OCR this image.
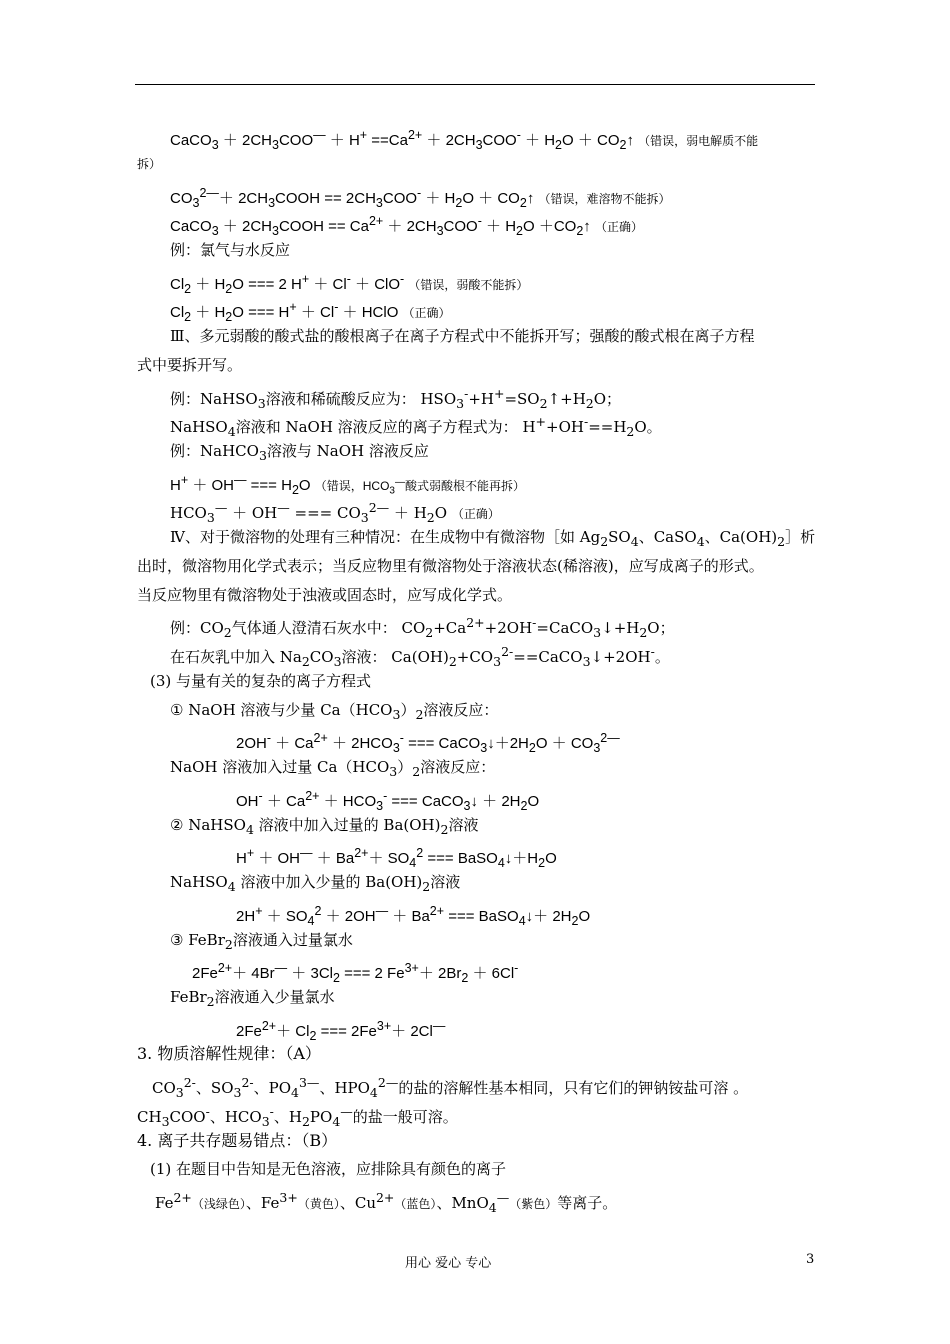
CaCO$_3$ ＋ $2CH_3COO^— + H^+ ==Ca^{2+} + 2CH_3COO^- + H_2O$ ＋ $CO_2↑$ （错误，弱电解质不能
拆）
$CO_3^{2—}+$ $2CH_3COOH == 2CH_3COO^- + H_2O$ ＋ $CO_2↑$ （错误，难溶物不能拆）
CaCO$_3$ ＋ $2CH_3COOH == Ca^{2+} + 2CH_3COO^- + H_2O$ $+CO_2↑$ （正确）
例：氯气与水反应
$Cl_2 + H_2O$ === 2 H+ ＋ Cl- ＋ ClO- （错误，弱酸不能拆）
$Cl_2 + H_2O$ === H+ ＋ Cl- ＋ HClO （正确）
Ⅲ、多元弱酸的酸式盐的酸根离子在离子方程式中不能拆开写；强酸的酸式根在离子方程
式中要拆开写。
例：NaHSO$_3$溶液和稀硫酸反应为： $HSO_3^-+H^+=SO_2↑+H_2O$；
NaHSO$_4$溶液和 NaOH 溶液反应的离子方程式为： $H^++OH^-==H_2O$。
例：NaHCO$_3$溶液与 NaOH 溶液反应
H+ ＋ OH— === $H_2O$ （错误，$HCO_3^—$酸式弱酸根不能再拆）
$HCO_3^— + OH^—$ === $CO_3^{2—} + H_2O$ （正确）
Ⅳ、对于微溶物的处理有三种情况：在生成物中有微溶物［如 $Ag_2SO_4$、CaSO$_4$、$Ca(OH)_2]$析
出时，微溶物用化学式表示；当反应物里有微溶物处于溶液状态(稀溶液)，应写成离子的形式。
当反应物里有微溶物处于浊液或固态时，应写成化学式。
例：$CO_2$气体通人澄清石灰水中： $CO_2+Ca^{2+}+2OH^-=CaCO_3↓+H_2O$；
在石灰乳中加入 $Na_2CO_3$溶液： $Ca(OH)_2+CO_3^{2-}==CaCO_3↓+2OH^-$。
(3) 与量有关的复杂的离子方程式
① NaOH 溶液与少量 $Ca(HCO_3)_2$溶液反应：
$2OH^- + Ca^{2+} + 2HCO_3^-$ === $CaCO_3↓+2H_2O + CO_3^{2—}$
NaOH 溶液加入过量 $Ca(HCO_3)_2$溶液反应：
$OH^- + Ca^{2+} + HCO_3^-$ === CaCO$_3$↓ ＋ $2H_2O$
② NaHSO$_4$ 溶液中加入过量的 $Ba(OH)_2$溶液
$H^+ + OH^— + Ba^{2+}+ SO_4^2$ === $BaSO_4↓+H_2O$
NaHSO$_4$ 溶液中加入少量的 $Ba(OH)_2$溶液
$2H^+ + SO_4^2 + 2OH^— + Ba^{2+}$ === BaSO$_4$↓＋ $2H_2O$
③ FeBr$_2$溶液通入过量氯水
$2Fe^{2+}+ 4Br^— + 3Cl_2$ === 2 $Fe^{3+}+ 2Br_2 + 6Cl^-$
FeBr$_2$溶液通入少量氯水
$2Fe^{2+}+ Cl_2$ === $2Fe^{3+}+ 2Cl^—$
3. 物质溶解性规律：（A）
$CO_3^{2-}$、$SO_3^{2-}$、$PO_4^{3—}$、$HPO_4^{2—}$的盐的溶解性基本相同，只有它们的钾钠铵盐可溶 。
$CH_3COO^-$、$HCO_3^-$、$H_2PO_4^—$的盐一般可溶。
4. 离子共存题易错点：（B）
(1) 在题目中告知是无色溶液，应排除具有颜色的离子
$Fe^{2+}$（浅绿色）、$Fe^{3+}$（黄色）、$Cu^{2+}$（蓝色）、MnO$_4$—（紫色）等离子。
用心 爱心 专心	3
